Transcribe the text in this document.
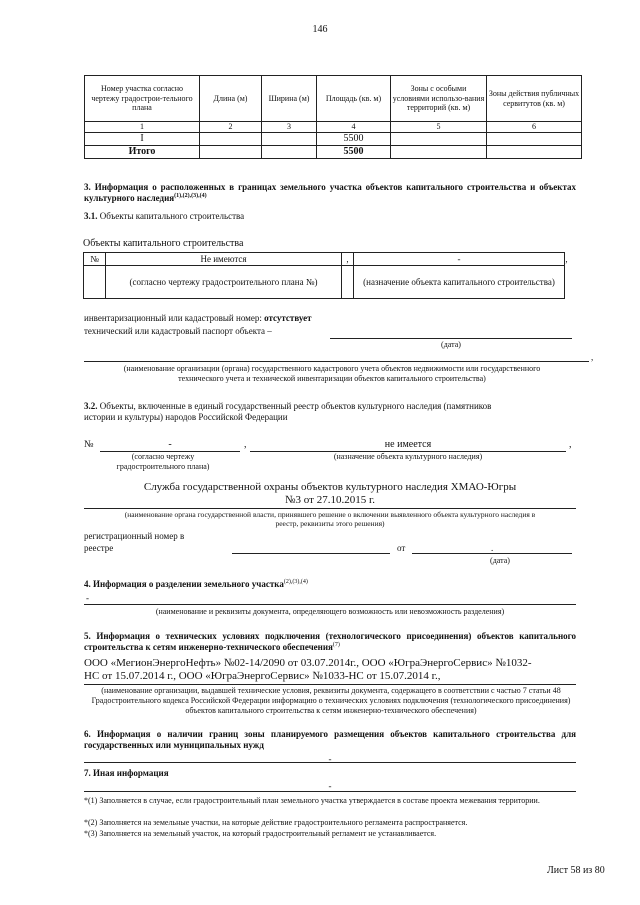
146
Номер участка согласно чертежу градострои-тельного плана	Длина (м)	Ширина (м)	Площадь (кв. м)	Зоны с особыми условиями использо-вания территорий (кв. м)	Зоны действия публичных сервитутов (кв. м)
1	2	3	4	5	6
I			5500		
Итого			5500		
3. Информация о расположенных в границах земельного участка объектов капитального строительства и объектах культурного наследия$^{(1),(2),(3),(4)}$
3.1. Объекты капитального строительства
Объекты капитального строительства
№	Не имеются	,	-	,
	(согласно чертежу градостроительного плана №)		(назначение объекта капитального строительства)	
инвентаризационный или кадастровый номер: отсутствует
технический или кадастровый паспорт объекта –
(дата)
,
(наименование организации (органа) государственного кадастрового учета объектов недвижимости или государственного технического учета и технической инвентаризации объектов капитального строительства)
3.2. Объекты, включенные в единый государственный реестр объектов культурного наследия (памятников истории и культуры) народов Российской Федерации
№	-	,	не имеется	,
(согласно чертежу градостроительного плана)
(назначение объекта культурного наследия)
Служба государственной охраны объектов культурного наследия ХМАО-Югры
№3 от 27.10.2015 г.
(наименование органа государственной власти, принявшего решение о включении выявленного объекта культурного наследия в реестр, реквизиты этого решения)
регистрационный номер в
реестре	от	.
(дата)
4. Информация о разделении земельного участка$^{(2),(3),(4)}$
-
(наименование и реквизиты документа, определяющего возможность или невозможность разделения)
5. Информация о технических условиях подключения (технологического присоединения) объектов капитального строительства к сетям инженерно-технического обеспечения$^{(7)}$
ООО «МегионЭнергоНефть» №02-14/2090 от 03.07.2014г., ООО «ЮграЭнергоСервис» №1032-
НС от 15.07.2014 г., ООО «ЮграЭнергоСервис» №1033-НС от 15.07.2014 г.,
(наименование организации, выдавшей технические условия, реквизиты документа, содержащего в соответствии с частью 7 статьи 48 Градостроительного кодекса Российской Федерации информацию о технических условиях подключения (технологического присоединения) объектов капитального строительства к сетям инженерно-технического обеспечения)
6. Информация о наличии границ зоны планируемого размещения объектов капитального строительства для государственных или муниципальных нужд
-
7. Иная информация
-
*(1) Заполняется в случае, если градостроительный план земельного участка утверждается в составе проекта межевания территории.
*(2) Заполняется на земельные участки, на которые действие градостроительного регламента распространяется.
*(3) Заполняется на земельный участок, на который градостроительный регламент не устанавливается.
Лист 58 из 80
